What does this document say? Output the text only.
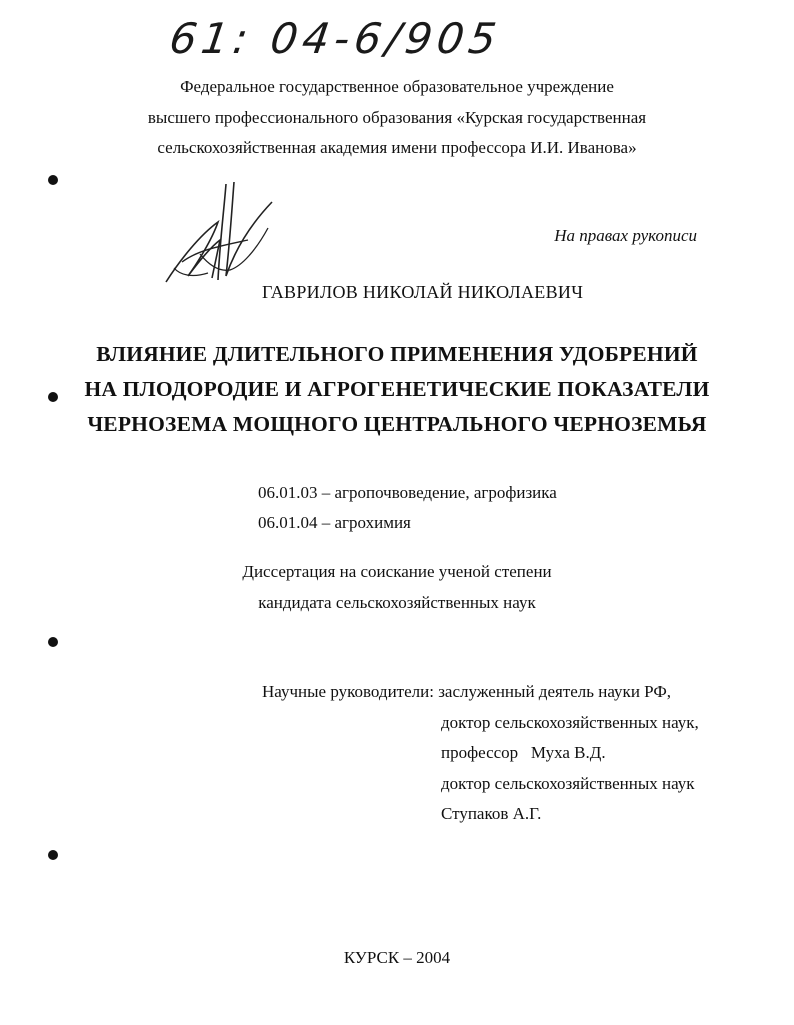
61: 04-6/905
Федеральное государственное образовательное учреждение
высшего профессионального образования «Курская государственная
сельскохозяйственная академия имени профессора И.И. Иванова»
На правах рукописи
ГАВРИЛОВ НИКОЛАЙ НИКОЛАЕВИЧ
ВЛИЯНИЕ ДЛИТЕЛЬНОГО ПРИМЕНЕНИЯ УДОБРЕНИЙ
НА ПЛОДОРОДИЕ И АГРОГЕНЕТИЧЕСКИЕ ПОКАЗАТЕЛИ
ЧЕРНОЗЕМА МОЩНОГО ЦЕНТРАЛЬНОГО ЧЕРНОЗЕМЬЯ
06.01.03 – агропочвоведение, агрофизика
06.01.04 – агрохимия
Диссертация на соискание ученой степени
кандидата сельскохозяйственных наук
Научные руководители: заслуженный деятель науки РФ,
доктор сельскохозяйственных наук,
профессор   Муха В.Д.
доктор сельскохозяйственных наук
Ступаков А.Г.
КУРСК – 2004
